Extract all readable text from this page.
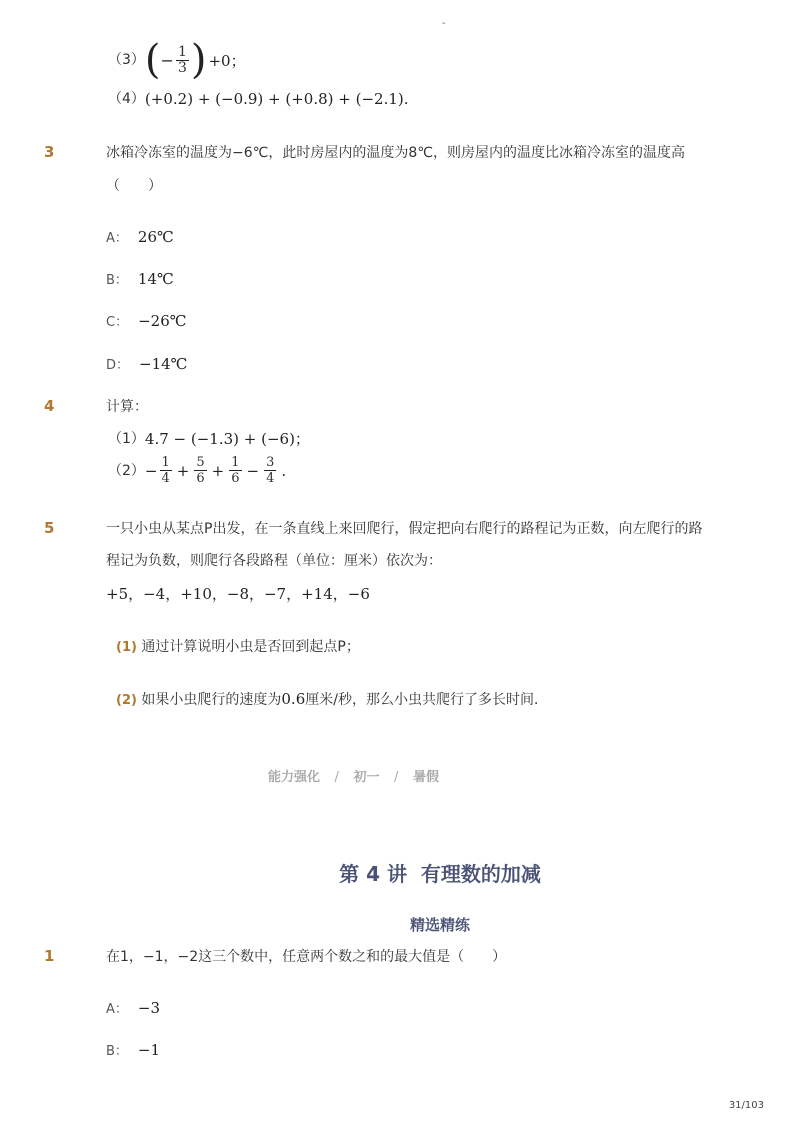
-
（3） ( − $\frac{1}{3}$ ) +0；
（4） (+0.2) + (−0.9) + (+0.8) + (−2.1).
3	冰箱冷冻室的温度为−6℃，此时房屋内的温度为8℃，则房屋内的温度比冰箱冷冻室的温度高
（　　）
A： 26℃
B： 14℃
C： −26℃
D： −14℃
4	计算：
（1） 4.7 − (−1.3) + (−6)；
$(2) - \frac{1}{4} + \frac{5}{6} + \frac{1}{6} - \frac{3}{4}$ .
5	一只小虫从某点P出发，在一条直线上来回爬行，假定把向右爬行的路程记为正数，向左爬行的路
程记为负数，则爬行各段路程（单位：厘米）依次为：
+5，−4，+10，−8，−7，+14，−6
(1) 通过计算说明小虫是否回到起点P；
(2) 如果小虫爬行的速度为0.6厘米/秒，那么小虫共爬行了多长时间．
能力强化 / 初一 / 暑假
第 4 讲  有理数的加减
精选精练
1	在1，−1，−2这三个数中，任意两个数之和的最大值是（　　）
A： −3
B： −1
31/103
